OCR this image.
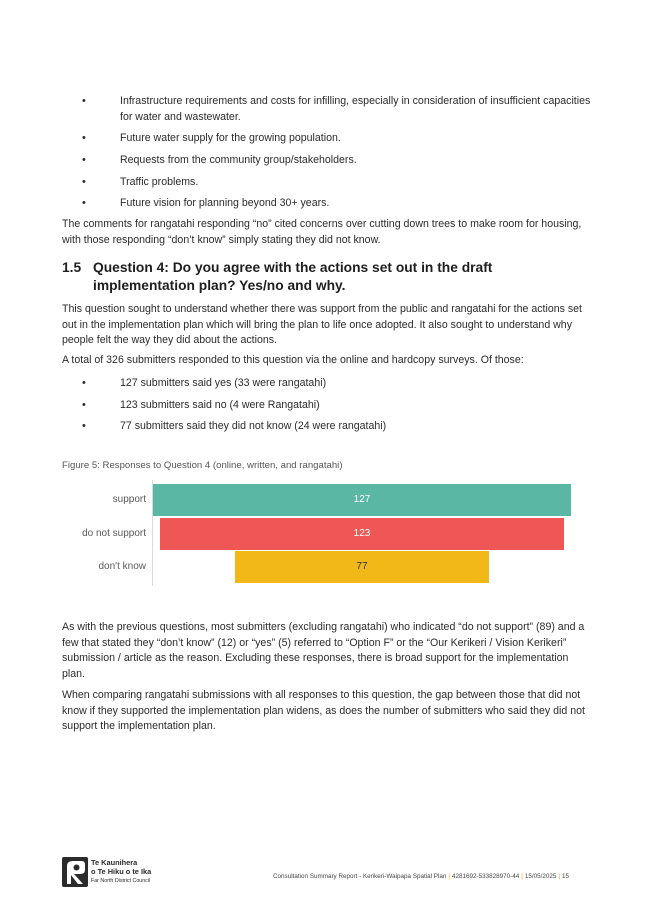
•	Infrastructure requirements and costs for infilling, especially in consideration of insufficient capacities for water and wastewater.
•	Future water supply for the growing population.
•	Requests from the community group/stakeholders.
•	Traffic problems.
•	Future vision for planning beyond 30+ years.

The comments for rangatahi responding “no” cited concerns over cutting down trees to make room for housing, with those responding “don’t know” simply stating they did not know.

1.5 Question 4: Do you agree with the actions set out in the draft implementation plan? Yes/no and why.

This question sought to understand whether there was support from the public and rangatahi for the actions set out in the implementation plan which will bring the plan to life once adopted. It also sought to understand why people felt the way they did about the actions.

A total of 326 submitters responded to this question via the online and hardcopy surveys. Of those:

•	127 submitters said yes (33 were rangatahi)
•	123 submitters said no (4 were Rangatahi)
•	77 submitters said they did not know (24 were rangatahi)
Figure 5: Responses to Question 4 (online, written, and rangatahi)
support	127
do not support	123
don't know	77

As with the previous questions, most submitters (excluding rangatahi) who indicated “do not support” (89) and a few that stated they “don’t know” (12) or “yes” (5) referred to “Option F” or the “Our Kerikeri / Vision Kerikeri” submission / article as the reason. Excluding these responses, there is broad support for the implementation plan.

When comparing rangatahi submissions with all responses to this question, the gap between those that did not know if they supported the implementation plan widens, as does the number of submitters who said they did not support the implementation plan.

Te Kaunihera
o Te Hiku o te Ika
Far North District Council
Consultation Summary Report - Kerikeri-Waipapa Spatial Plan | 4281692-533828970-44 | 15/05/2025 | 15
